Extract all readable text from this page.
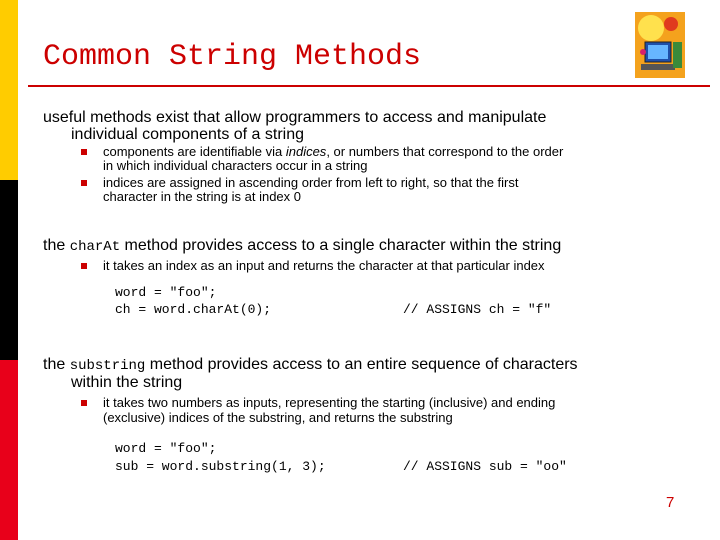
Common String Methods
useful methods exist that allow programmers to access and manipulate
individual components of a string
components are identifiable via indices, or numbers that correspond to the order
in which individual characters occur in a string
indices are assigned in ascending order from left to right, so that the first
character in the string is at index 0
the charAt method provides access to a single character within the string
it takes an index as an input and returns the character at that particular index
word = "foo";
ch = word.charAt(0);	// ASSIGNS ch = "f"
the substring method provides access to an entire sequence of characters
within the string
it takes two numbers as inputs, representing the starting (inclusive) and ending
(exclusive) indices of the substring, and returns the substring
word = "foo";
sub = word.substring(1, 3);	// ASSIGNS sub = "oo"
7
